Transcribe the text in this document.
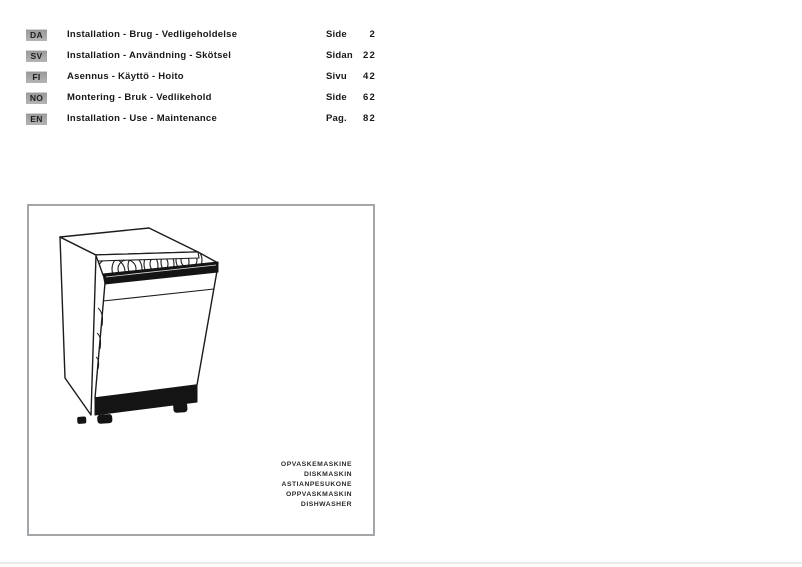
DA	Installation - Brug - Vedligeholdelse	Side	2
SV	Installation - Användning - Skötsel	Sidan	22
FI	Asennus - Käyttö - Hoito	Sivu	42
NO	Montering - Bruk - Vedlikehold	Side	62
EN	Installation - Use - Maintenance	Pag.	82
OPVASKEMASKINE
DISKMASKIN
ASTIANPESUKONE
OPPVASKMASKIN
DISHWASHER
